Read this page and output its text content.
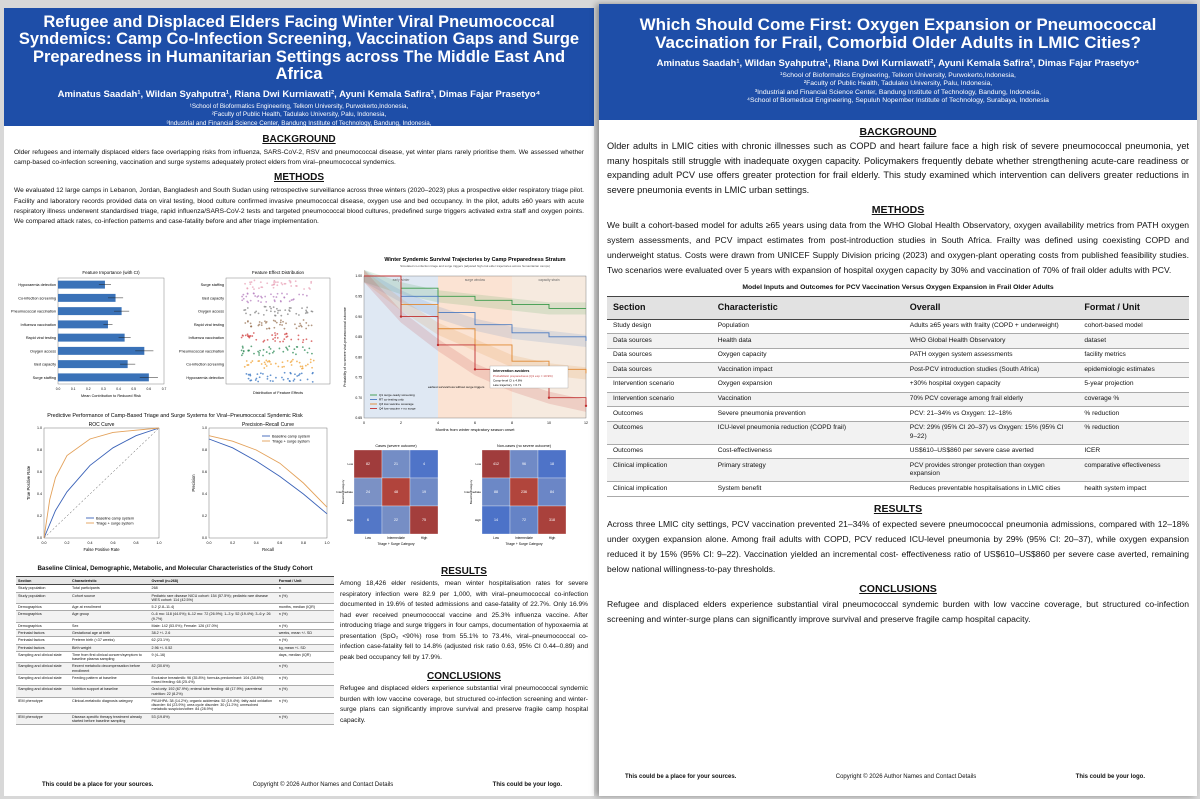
Refugee and Displaced Elders Facing Winter Viral Pneumococcal Syndemics: Camp Co-Infection Screening, Vaccination Gaps and Surge Preparedness in Humanitarian Settings across The Middle East And Africa
Aminatus Saadah¹, Wildan Syahputra¹, Riana Dwi Kurniawati², Ayuni Kemala Safira³, Dimas Fajar Prasetyo⁴
¹School of Bioformatics Engineering, Telkom University, Purwokerto,Indonesia,
²Faculty of Public Health, Tadulako University, Palu, Indonesia,
³Industrial and Financial Science Center, Bandung Institute of Technology, Bandung, Indonesia,
⁴School of Biomedical Engineering, Sepuluh Nopember Institute of Technology, Surabaya, Indonesia
BACKGROUND
Older refugees and internally displaced elders face overlapping risks from influenza, SARS-CoV-2, RSV and pneumococcal disease, yet winter plans rarely prioritise them. We assessed whether camp-based co-infection screening, vaccination and surge systems adequately protect elders from viral–pneumococcal syndemics.
METHODS
We evaluated 12 large camps in Lebanon, Jordan, Bangladesh and South Sudan using retrospective surveillance across three winters (2020–2023) plus a prospective elder respiratory triage pilot. Facility and laboratory records provided data on viral testing, blood culture confirmed invasive pneumococcal disease, oxygen use and bed occupancy. In the pilot, adults ≥60 years with acute respiratory illness underwent standardised triage, rapid influenza/SARS-CoV-2 tests and targeted pneumococcal blood cultures, predefined surge triggers activated extra staff and oxygen points. We compared attack rates, co-infection patterns and case-fatality before and after triage implementation.
Feature Importance (with CI)
Hypoxaemia detection
Co-infection screening
Pneumococcal vaccination
Influenza vaccination
Rapid viral testing
Oxygen access
Bed capacity
Surge staffing
0.0	0.1	0.2	0.3	0.4	0.5	0.6	0.7
Mean Contribution to Reduced Risk
Feature Effect Distribution
Surge staffing
Bed capacity
Oxygen access
Rapid viral testing
Influenza vaccination
Pneumococcal vaccination
Co-infection screening
Hypoxaemia detection
Distribution of Feature Effects
Winter Syndemic Survival Trajectories by Camp Preparedness Stratum
Simulated co-infection triage and surge triggers (adjusted high-risk elder trajectories across humanitarian camps)
early winter	surge window	capacity strain
0	2	4	6	8	10	12
0.65
0.70
0.75
0.80
0.85
0.90
0.95
1.00
Months from winter respiratory season onset
Probability of no severe viral-pneumococcal outcome	Intervention avoiders
Probabilistic preparedness (Q1 exp = 10.9%)
Camp-level CI ± 4.8%
Late trajectory = 0.71
earliest survival loss without surge triggers
Q1 surge-ready screening
RT co-testing only
Q3 low vaccine coverage
Q4 low vaccine + no surge
Predictive Performance of Camp-Based Triage and Surge Systems for Viral–Pneumococcal Syndemic Risk
ROC Curve
0.0
0.0
0.2
0.2
0.4
0.4
0.6
0.6
0.8
0.8
1.0
1.0
False Positive Rate
True Positive Rate
Baseline camp system
Triage + surge system
Precision–Recall Curve
0.0
0.0
0.2
0.2
0.4
0.4
0.6
0.6
0.8
0.8
1.0
1.0
Recall
Precision
Baseline camp system
Triage + surge system
Cases (severe outcome)
82	21	4
24	48	19
6	22	75
Low	Intermediate	High
Low
Intermediate
High
Triage + Surge Category
Baseline Category
Non-cases (no severe outcome)
412	96	18
88	236	84
14	72	318
Low	Intermediate	High
Low
Intermediate
High
Triage + Surge Category
Baseline Category
Baseline Clinical, Demographic, Metabolic, and Molecular Characteristics of the Study Cohort
Section	Characteristic	Overall (n=268)	Format / Unit
Study population	Total participants	268	n
Study population	Cohort source	Pediatric rare disease NICU cohort: 154 (57.5%); pediatric rare disease WES cohort: 114 (42.5%)	n (%)
Demographics	Age at enrollment	5.2 (2.8–11.4)	months, median (IQR)
Demographics	Age group	0–6 mo: 118 (44.0%); 6–12 mo: 72 (26.9%); 1–3 y: 52 (19.4%); 3–6 y: 26 (9.7%)	n (%)
Demographics	Sex	Male: 142 (53.0%); Female: 126 (47.0%)	n (%)
Perinatal factors	Gestational age at birth	38.2 +/- 2.6	weeks, mean +/- SD
Perinatal factors	Preterm birth (<37 weeks)	62 (23.1%)	n (%)
Perinatal factors	Birth weight	2.96 +/- 0.52	kg, mean +/- SD
Sampling and clinical state	Time from first clinical concern/symptom to baseline plasma sampling	9 (4–16)	days, median (IQR)
Sampling and clinical state	Recent metabolic decompensation before enrollment	82 (30.6%)	n (%)
Sampling and clinical state	Feeding pattern at baseline	Exclusive breastmilk: 96 (35.8%); formula-predominant: 104 (38.8%); mixed feeding: 68 (25.4%)	n (%)
Sampling and clinical state	Nutrition support at baseline	Oral only: 192 (67.9%); enteral tube feeding: 48 (17.9%); parenteral nutrition: 22 (8.2%)	n (%)
IEM phenotype	Clinical-metabolic diagnosis category	PKU/HPA: 38 (14.2%); organic acidemias: 52 (19.4%); fatty acid oxidation disorder: 64 (23.9%); urea cycle disorder: 30 (11.2%); unresolved metabolic suspicion/other: 84 (28.9%)	n (%)
IEM phenotype	Disease-specific therapy treatment already started before baseline sampling	53 (19.8%)	n (%)
RESULTS
Among 18,426 elder residents, mean winter hospitalisation rates for severe respiratory infection were 82.9 per 1,000, with viral–pneumococcal co-infection documented in 19.6% of tested admissions and case-fatality of 22.7%. Only 16.9% had ever received pneumococcal vaccine and 25.3% influenza vaccine. After introducing triage and surge triggers in four camps, documentation of hypoxaemia at presentation (SpO₂ <90%) rose from 55.1% to 73.4%, viral–pneumococcal co- infection case-fatality fell to 14.8% (adjusted risk ratio 0.63, 95% CI 0.44–0.89) and peak bed occupancy fell by 17.9%.
CONCLUSIONS
Refugee and displaced elders experience substantial viral pneumococcal syndemic burden with low vaccine coverage, but structured co-infection screening and winter-surge plans can significantly improve survival and preserve fragile camp hospital capacity.
This could be a place for your sources.	Copyright © 2026 Author Names and Contact Details	This could be your logo.
Which Should Come First: Oxygen Expansion or Pneumococcal Vaccination for Frail, Comorbid Older Adults in LMIC Cities?
Aminatus Saadah¹, Wildan Syahputra¹, Riana Dwi Kurniawati², Ayuni Kemala Safira³, Dimas Fajar Prasetyo⁴
¹School of Bioformatics Engineering, Telkom University, Purwokerto,Indonesia,
²Faculty of Public Health, Tadulako University, Palu, Indonesia,
³Industrial and Financial Science Center, Bandung Institute of Technology, Bandung, Indonesia,
⁴School of Biomedical Engineering, Sepuluh Nopember Institute of Technology, Surabaya, Indonesia
BACKGROUND
Older adults in LMIC cities with chronic illnesses such as COPD and heart failure face a high risk of severe pneumococcal pneumonia, yet many hospitals still struggle with inadequate oxygen capacity. Policymakers frequently debate whether strengthening acute-care readiness or expanding adult PCV use offers greater protection for frail elderly. This study examined which intervention can delivers greater reductions in severe pneumonia events in LMIC urban settings.
METHODS
We built a cohort-based model for adults ≥65 years using data from the WHO Global Health Observatory, oxygen availability metrics from PATH oxygen system assessments, and PCV impact estimates from post-introduction studies in South Africa. Frailty was defined using coexisting COPD and underweight status. Costs were drawn from UNICEF Supply Division pricing (2023) and oxygen-plant operating costs from published feasibility studies. Two scenarios were evaluated over 5 years with expansion of hospital oxygen capacity by 30% and vaccination of 70% of frail older adults with PCV.
Model Inputs and Outcomes for PCV Vaccination Versus Oxygen Expansion in Frail Older Adults
Section	Characteristic	Overall	Format / Unit
Study design	Population	Adults ≥65 years with frailty (COPD + underweight)	cohort-based model
Data sources	Health data	WHO Global Health Observatory	dataset
Data sources	Oxygen capacity	PATH oxygen system assessments	facility metrics
Data sources	Vaccination impact	Post-PCV introduction studies (South Africa)	epidemiologic estimates
Intervention scenario	Oxygen expansion	+30% hospital oxygen capacity	5-year projection
Intervention scenario	Vaccination	70% PCV coverage among frail elderly	coverage %
Outcomes	Severe pneumonia prevention	PCV: 21–34% vs Oxygen: 12–18%	% reduction
Outcomes	ICU-level pneumonia reduction (COPD frail)	PCV: 29% (95% CI 20–37) vs Oxygen: 15% (95% CI 9–22)	% reduction
Outcomes	Cost-effectiveness	US$610–US$860 per severe case averted	ICER
Clinical implication	Primary strategy	PCV provides stronger protection than oxygen expansion	comparative effectiveness
Clinical implication	System benefit	Reduces preventable hospitalisations in LMIC cities	health system impact
RESULTS
Across three LMIC city settings, PCV vaccination prevented 21–34% of expected severe pneumococcal pneumonia admissions, compared with 12–18% under oxygen expansion alone. Among frail adults with COPD, PCV reduced ICU-level pneumonia by 29% (95% CI: 20–37), while oxygen expansion reduced it by 15% (95% CI: 9–22). Vaccination yielded an incremental cost- effectiveness ratio of US$610–US$860 per severe case averted, remaining below national willingness-to-pay thresholds.
CONCLUSIONS
Refugee and displaced elders experience substantial viral pneumococcal syndemic burden with low vaccine coverage, but structured co-infection screening and winter-surge plans can significantly improve survival and preserve fragile camp hospital capacity.
This could be a place for your sources.	Copyright © 2026 Author Names and Contact Details	This could be your logo.
